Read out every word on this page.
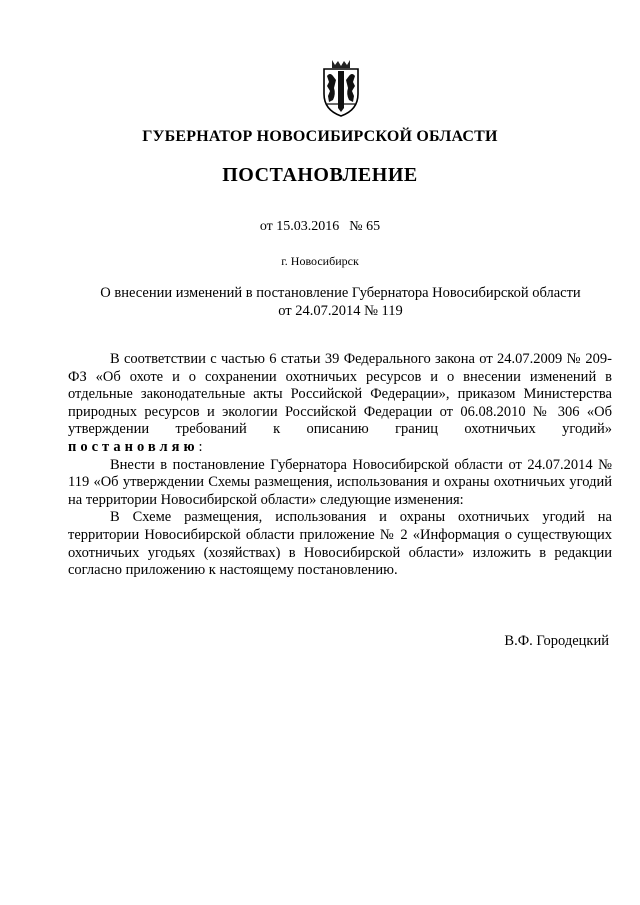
ГУБЕРНАТОР НОВОСИБИРСКОЙ ОБЛАСТИ
ПОСТАНОВЛЕНИЕ
от 15.03.2016 № 65
г. Новосибирск
О внесении изменений в постановление Губернатора Новосибирской области
от 24.07.2014 № 119

В соответствии с частью 6 статьи 39 Федерального закона от 24.07.2009 № 209-ФЗ «Об охоте и о сохранении охотничьих ресурсов и о внесении изменений в отдельные законодательные акты Российской Федерации», приказом Министерства природных ресурсов и экологии Российской Федерации от 06.08.2010 № 306 «Об утверждении требований к описанию границ охотничьих угодий» постановляю:

Внести в постановление Губернатора Новосибирской области от 24.07.2014 № 119 «Об утверждении Схемы размещения, использования и охраны охотничьих угодий на территории Новосибирской области» следующие изменения:

В Схеме размещения, использования и охраны охотничьих угодий на территории Новосибирской области приложение № 2 «Информация о существующих охотничьих угодьях (хозяйствах) в Новосибирской области» изложить в редакции согласно приложению к настоящему постановлению.

В.Ф. Городецкий
